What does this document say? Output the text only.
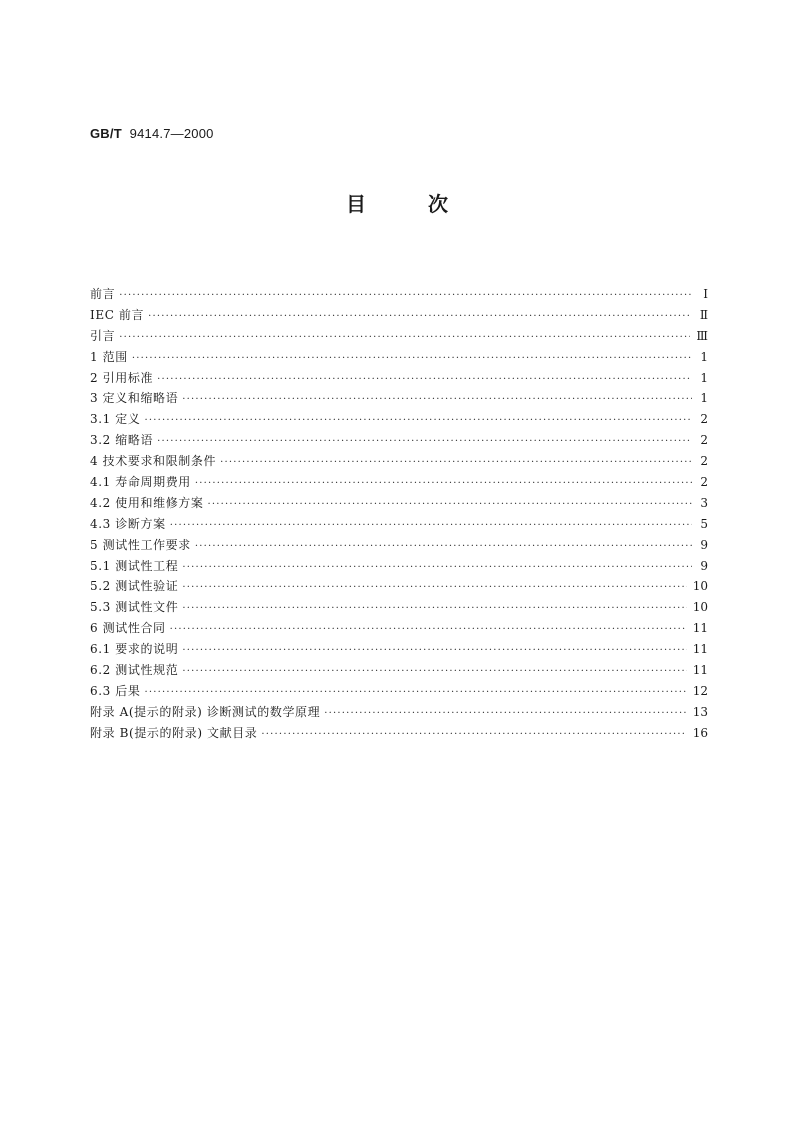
GB/T 9414.7—2000
目次
前言 ·····	Ⅰ
IEC 前言 ·····	Ⅱ
引言 ·····	Ⅲ
1 范围 ·····	1
2 引用标准 ·····	1
3 定义和缩略语 ·····	1
3.1 定义 ·····	2
3.2 缩略语 ·····	2
4 技术要求和限制条件 ·····	2
4.1 寿命周期费用 ·····	2
4.2 使用和维修方案 ·····	3
4.3 诊断方案 ·····	5
5 测试性工作要求 ·····	9
5.1 测试性工程 ·····	9
5.2 测试性验证 ·····	10
5.3 测试性文件 ·····	10
6 测试性合同 ·····	11
6.1 要求的说明 ·····	11
6.2 测试性规范 ·····	11
6.3 后果 ·····	12
附录 A(提示的附录) 诊断测试的数学原理 ·····	13
附录 B(提示的附录) 文献目录 ·····	16
